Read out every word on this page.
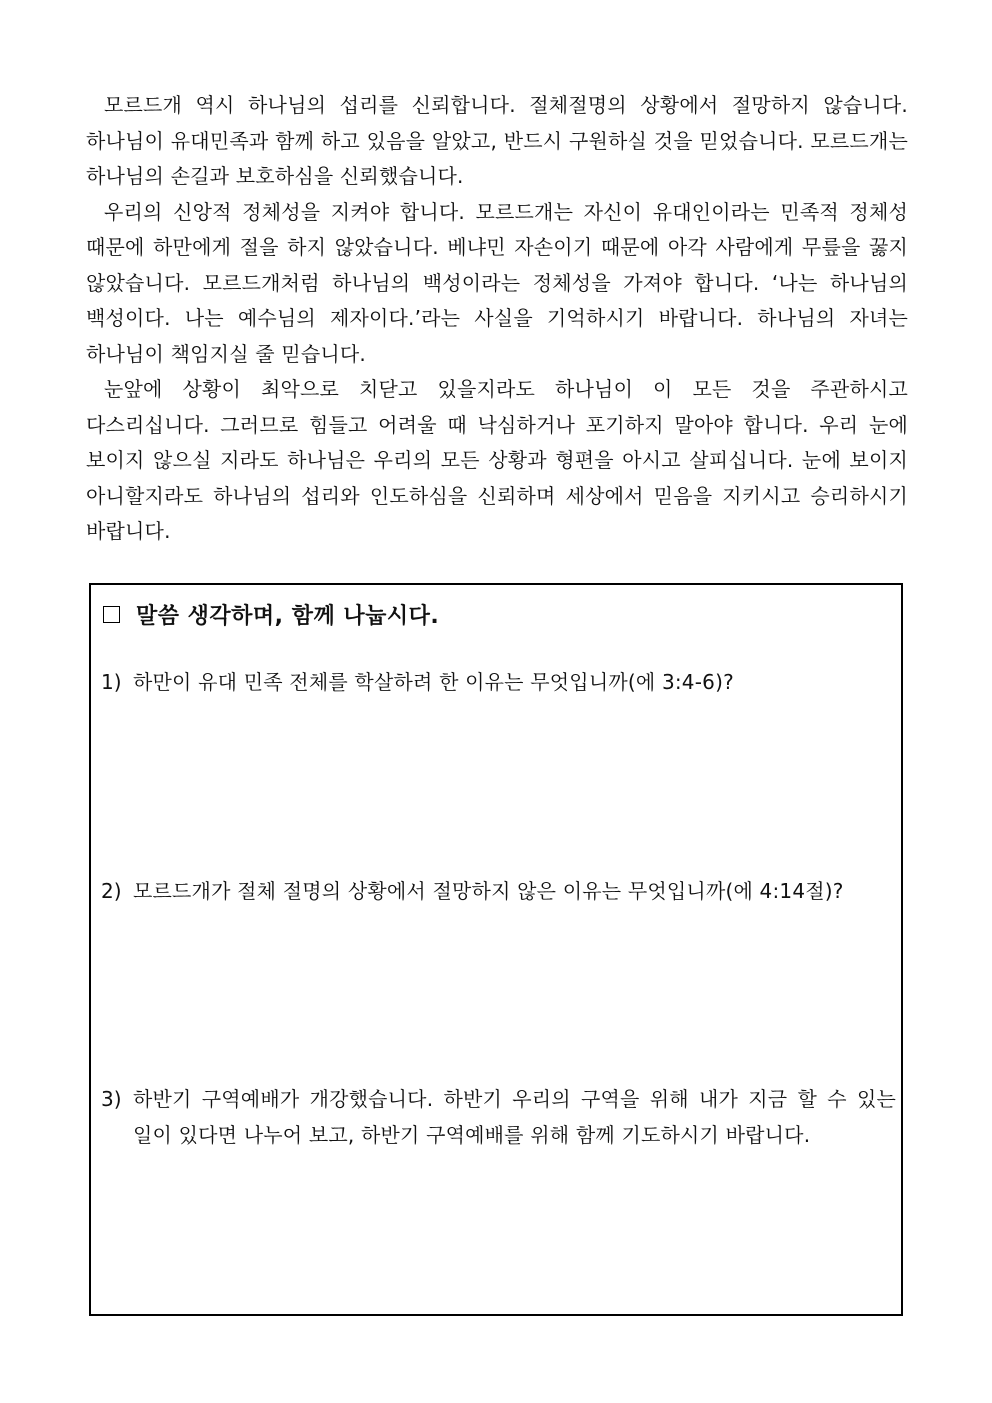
모르드개 역시 하나님의 섭리를 신뢰합니다. 절체절명의 상황에서 절망하지 않습니다. 하나님이 유대민족과 함께 하고 있음을 알았고, 반드시 구원하실 것을 믿었습니다. 모르드개는 하나님의 손길과 보호하심을 신뢰했습니다.

우리의 신앙적 정체성을 지켜야 합니다. 모르드개는 자신이 유대인이라는 민족적 정체성 때문에 하만에게 절을 하지 않았습니다. 베냐민 자손이기 때문에 아각 사람에게 무릎을 꿇지 않았습니다. 모르드개처럼 하나님의 백성이라는 정체성을 가져야 합니다. ‘나는 하나님의 백성이다. 나는 예수님의 제자이다.’라는 사실을 기억하시기 바랍니다. 하나님의 자녀는 하나님이 책임지실 줄 믿습니다.

눈앞에 상황이 최악으로 치닫고 있을지라도 하나님이 이 모든 것을 주관하시고 다스리십니다. 그러므로 힘들고 어려울 때 낙심하거나 포기하지 말아야 합니다. 우리 눈에 보이지 않으실 지라도 하나님은 우리의 모든 상황과 형편을 아시고 살피십니다. 눈에 보이지 아니할지라도 하나님의 섭리와 인도하심을 신뢰하며 세상에서 믿음을 지키시고 승리하시기 바랍니다.

말씀 생각하며, 함께 나눕시다.
1) 하만이 유대 민족 전체를 학살하려 한 이유는 무엇입니까(에 3:4-6)?
2) 모르드개가 절체 절명의 상황에서 절망하지 않은 이유는 무엇입니까(에 4:14절)?
3) 하반기 구역예배가 개강했습니다. 하반기 우리의 구역을 위해 내가 지금 할 수 있는 일이 있다면 나누어 보고, 하반기 구역예배를 위해 함께 기도하시기 바랍니다.
